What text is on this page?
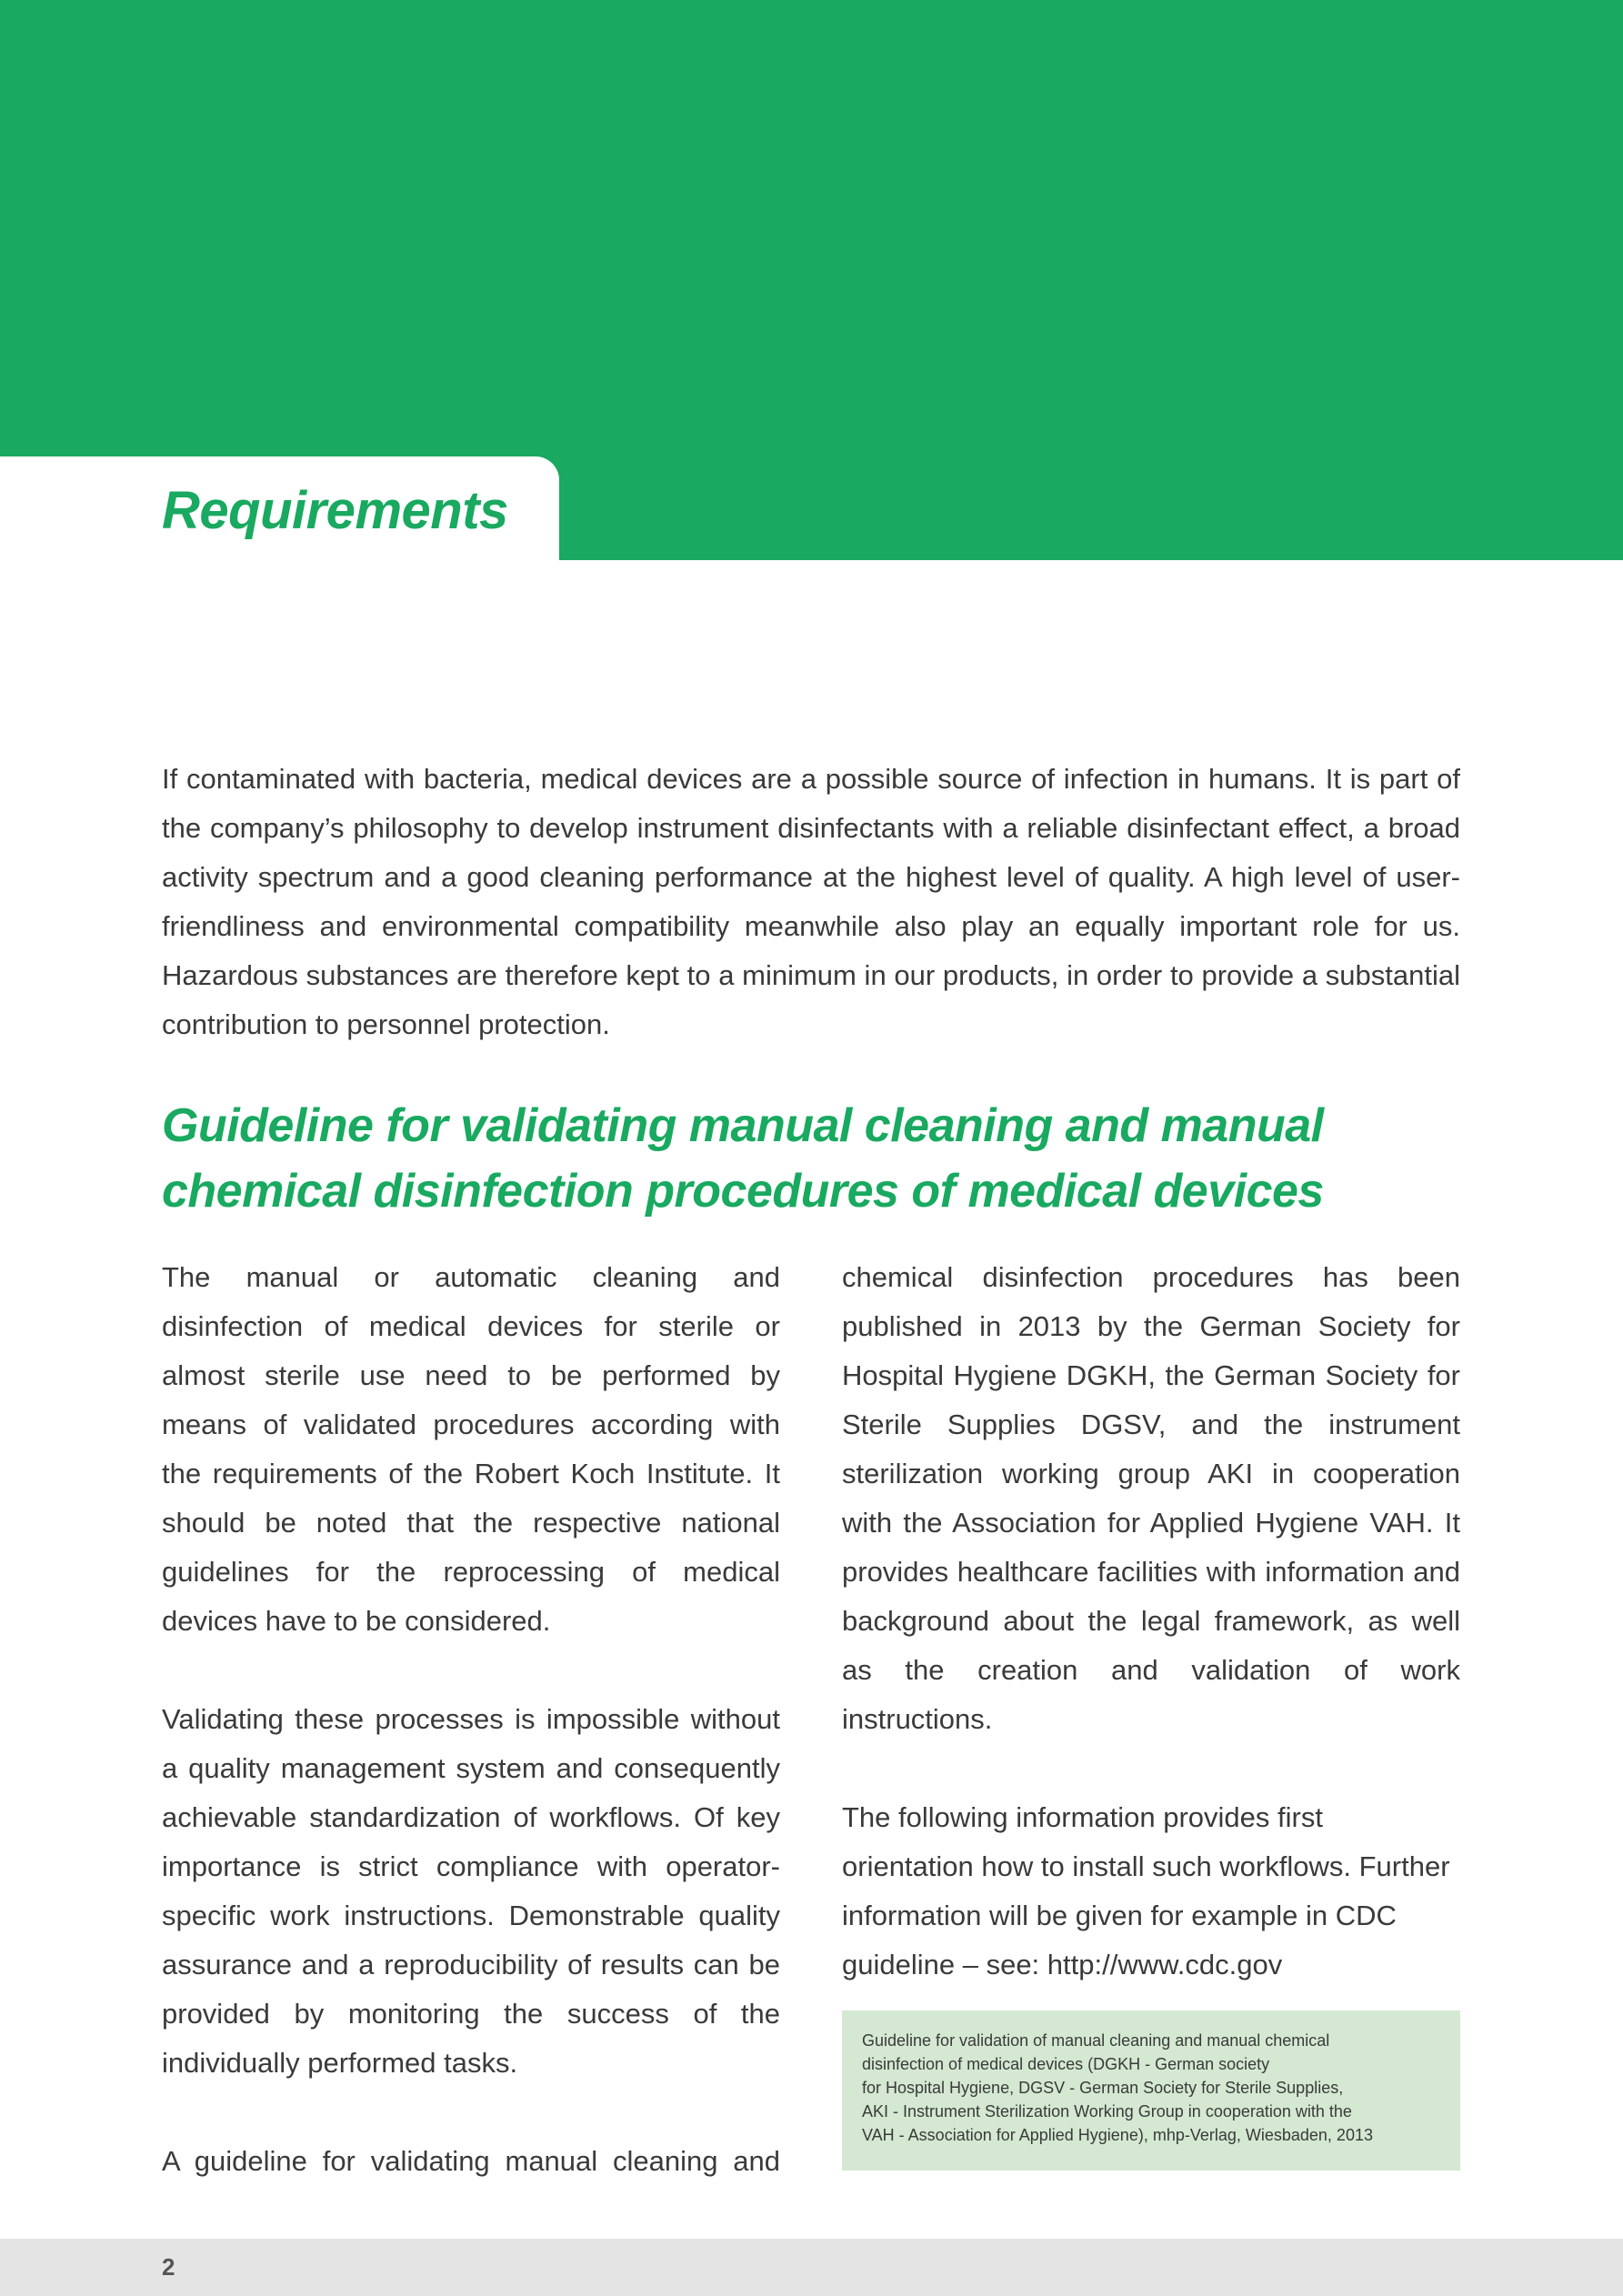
Requirements

If contaminated with bacteria, medical devices are a possible source of infection in humans. It is part of the company’s philosophy to develop instrument disinfectants with a reliable disinfectant effect, a broad activity spectrum and a good cleaning performance at the highest level of quality. A high level of user-friendliness and environmental compatibility meanwhile also play an equally important role for us. Hazardous substances are therefore kept to a minimum in our products, in order to provide a substantial contribution to personnel protection.

Guideline for validating manual cleaning and manual
chemical disinfection procedures of medical devices

The manual or automatic cleaning and disinfection of medical devices for sterile or almost sterile use need to be performed by means of validated procedures according with the requirements of the Robert Koch Institute. It should be noted that the respective national guidelines for the reprocessing of medical devices have to be considered.

Validating these processes is impossible without a quality management system and consequently achievable standardization of workflows. Of key importance is strict compliance with operator-specific work instructions. Demonstrable quality assurance and a reproducibility of results can be provided by monitoring the success of the individually performed tasks.

A guideline for validating manual cleaning and

chemical disinfection procedures has been published in 2013 by the German Society for Hospital Hygiene DGKH, the German Society for Sterile Supplies DGSV, and the instrument sterilization working group AKI in cooperation with the Association for Applied Hygiene VAH. It provides healthcare facilities with information and background about the legal framework, as well as the creation and validation of work instructions.

The following information provides first orientation how to install such workflows. Further information will be given for example in CDC guideline – see: http://www.cdc.gov

Guideline for validation of manual cleaning and manual chemical
disinfection of medical devices (DGKH - German society
for Hospital Hygiene, DGSV - German Society for Sterile Supplies,
AKI - Instrument Sterilization Working Group in cooperation with the
VAH - Association for Applied Hygiene), mhp-Verlag, Wiesbaden, 2013
2
